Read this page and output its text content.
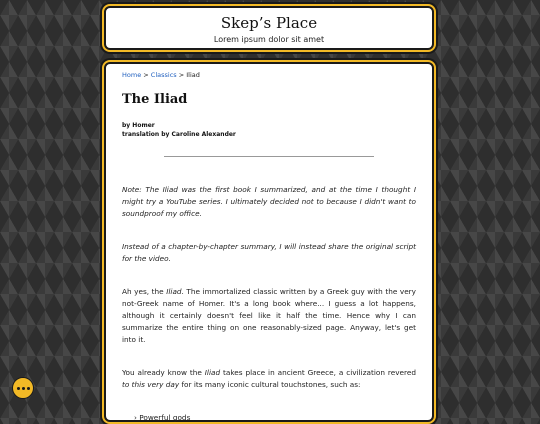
Skep’s Place
Lorem ipsum dolor sit amet
Home > Classics > Iliad
The Iliad
by Homer
translation by Caroline Alexander

Note: The Iliad was the first book I summarized, and at the time I thought I might try a YouTube series. I ultimately decided not to because I didn't want to soundproof my office.

Instead of a chapter-by-chapter summary, I will instead share the original script for the video.

Ah yes, the Iliad. The immortalized classic written by a Greek guy with the very not-Greek name of Homer. It's a long book where... I guess a lot happens, although it certainly doesn't feel like it half the time. Hence why I can summarize the entire thing on one reasonably-sized page. Anyway, let's get into it.

You already know the Iliad takes place in ancient Greece, a civilization revered to this very day for its many iconic cultural touchstones, such as:

› Powerful gods
